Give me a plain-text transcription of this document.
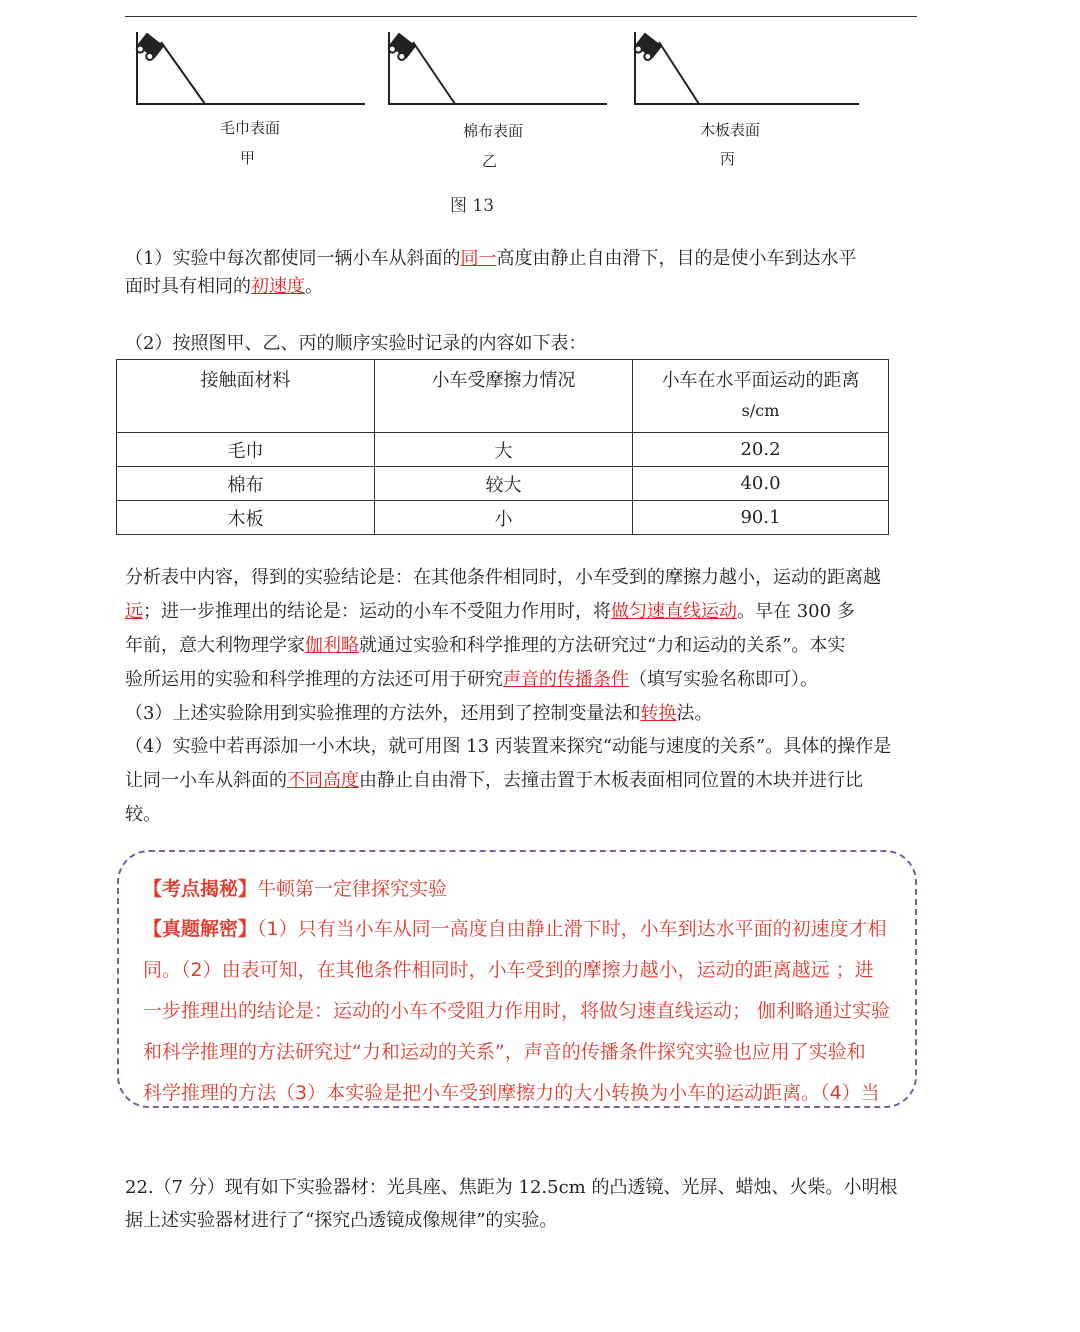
毛巾表面
甲
棉布表面
乙
木板表面
丙
图 13
（1）实验中每次都使同一辆小车从斜面的同一高度由静止自由滑下，目的是使小车到达水平
面时具有相同的初速度。
（2）按照图甲、乙、丙的顺序实验时记录的内容如下表：
接触面材料	小车受摩擦力情况	小车在水平面运动的距离
s/cm
毛巾	大	20.2
棉布	较大	40.0
木板	小	90.1
分析表中内容，得到的实验结论是：在其他条件相同时，小车受到的摩擦力越小，运动的距离越
远；进一步推理出的结论是：运动的小车不受阻力作用时，将做匀速直线运动。早在 300 多
年前，意大利物理学家伽利略就通过实验和科学推理的方法研究过“力和运动的关系”。本实
验所运用的实验和科学推理的方法还可用于研究声音的传播条件（填写实验名称即可）。
（3）上述实验除用到实验推理的方法外，还用到了控制变量法和转换法。
（4）实验中若再添加一小木块，就可用图 13 丙装置来探究“动能与速度的关系”。具体的操作是
让同一小车从斜面的不同高度由静止自由滑下，去撞击置于木板表面相同位置的木块并进行比
较。
【考点揭秘】牛顿第一定律探究实验
【真题解密】（1）只有当小车从同一高度自由静止滑下时，小车到达水平面的初速度才相
同。（2）由表可知，在其他条件相同时，小车受到的摩擦力越小，运动的距离越远 ；进
一步推理出的结论是：运动的小车不受阻力作用时，将做匀速直线运动； 伽利略通过实验
和科学推理的方法研究过“力和运动的关系”，声音的传播条件探究实验也应用了实验和
科学推理的方法（3）本实验是把小车受到摩擦力的大小转换为小车的运动距离。（4）当
22.（7 分）现有如下实验器材：光具座、焦距为 12.5cm 的凸透镜、光屏、蜡烛、火柴。小明根
据上述实验器材进行了“探究凸透镜成像规律”的实验。
